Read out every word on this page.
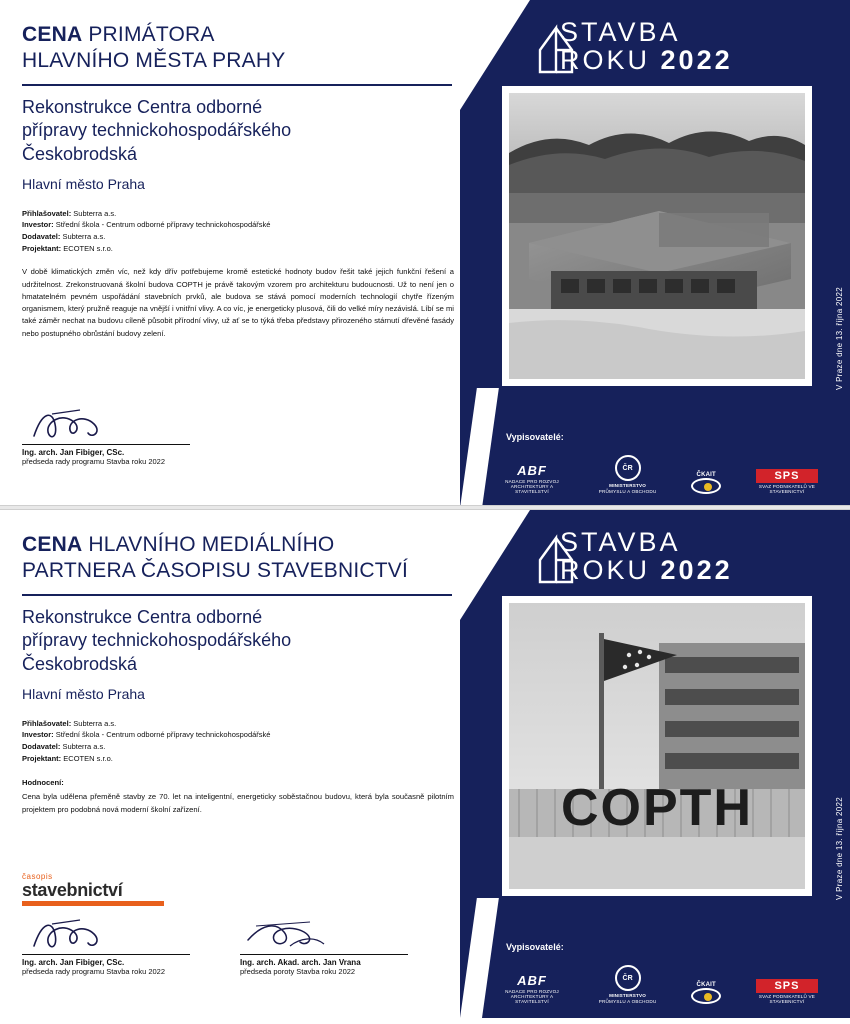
CENA PRIMÁTORA
HLAVNÍHO MĚSTA PRAHY
Rekonstrukce Centra odborné
přípravy technickohospodářského
Českobrodská
Hlavní město Praha
Přihlašovatel: Subterra a.s.
Investor: Střední škola - Centrum odborné přípravy technickohospodářské
Dodavatel: Subterra a.s.
Projektant: ECOTEN s.r.o.
V době klimatických změn víc, než kdy dřív potřebujeme kromě estetické hodnoty budov řešit také jejich funkční řešení a udržitelnost. Zrekonstruovaná školní budova COPTH je právě takovým vzorem pro architekturu budoucnosti. Už to není jen o hmatatelném pevném uspořádání stavebních prvků, ale budova se stává pomocí moderních technologií chytře řízeným organismem, který pružně reaguje na vnější i vnitřní vlivy. A co víc, je energeticky plusová, čili do velké míry nezávislá. Líbí se mi také záměr nechat na budovu cíleně působit přírodní vlivy, už ať se to týká třeba představy přirozeného stárnutí dřevěné fasády nebo postupného obrůstání budovy zelení.
Ing. arch. Jan Fibiger, CSc.
předseda rady programu Stavba roku 2022
STAVBA
ROKU 2022
V Praze dne 13. října 2022
Vypisovatelé:
ABF
NADACE PRO ROZVOJ ARCHITEKTURY A STAVITELSTVÍ
ČR
MINISTERSTVO
PRŮMYSLU A OBCHODU
ČKAIT	SPS
SVAZ PODNIKATELŮ VE STAVEBNICTVÍ
CENA HLAVNÍHO MEDIÁLNÍHO
PARTNERA ČASOPISU STAVEBNICTVÍ
Rekonstrukce Centra odborné
přípravy technickohospodářského
Českobrodská
Hlavní město Praha
Přihlašovatel: Subterra a.s.
Investor: Střední škola - Centrum odborné přípravy technickohospodářské
Dodavatel: Subterra a.s.
Projektant: ECOTEN s.r.o.
Hodnocení:
Cena byla udělena přeměně stavby ze 70. let na inteligentní, energeticky soběstačnou budovu, která byla současně pilotním projektem pro podobná nová moderní školní zařízení.
časopis
stavebnictví
Ing. arch. Jan Fibiger, CSc.
předseda rady programu Stavba roku 2022
Ing. arch. Akad. arch. Jan Vrana
předseda poroty Stavba roku 2022
STAVBA
ROKU 2022
COPTH	V Praze dne 13. října 2022
Vypisovatelé:
ABF
NADACE PRO ROZVOJ ARCHITEKTURY A STAVITELSTVÍ
ČR
MINISTERSTVO
PRŮMYSLU A OBCHODU
ČKAIT	SPS
SVAZ PODNIKATELŮ VE STAVEBNICTVÍ
